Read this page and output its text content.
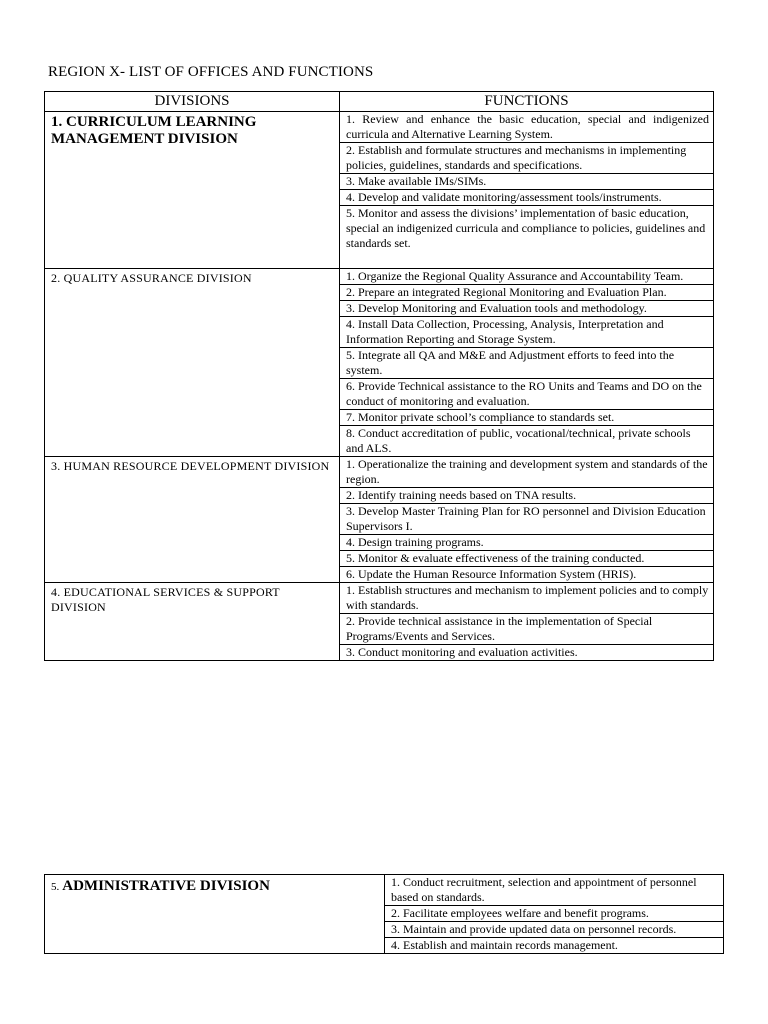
REGION X- LIST OF OFFICES AND FUNCTIONS
DIVISIONS	FUNCTIONS

1. CURRICULUM LEARNING MANAGEMENT DIVISION	1. Review and enhance the basic education, special and indigenized curricula and Alternative Learning System.
	2. Establish and formulate structures and mechanisms in implementing policies, guidelines, standards and specifications.
	3. Make available IMs/SIMs.
	4. Develop and validate monitoring/assessment tools/instruments.
	5. Monitor and assess the divisions’ implementation of basic education, special an indigenized curricula and compliance to policies, guidelines and standards set.

2. QUALITY ASSURANCE DIVISION	1. Organize the Regional Quality Assurance and Accountability Team.
	2. Prepare an integrated Regional Monitoring and Evaluation Plan.
	3. Develop Monitoring and Evaluation tools and methodology.
	4. Install Data Collection, Processing, Analysis, Interpretation and Information Reporting and Storage System.
	5. Integrate all QA and M&E and Adjustment efforts to feed into the system.
	6. Provide Technical assistance to the RO Units and Teams and DO on the conduct of monitoring and evaluation.
	7. Monitor private school’s compliance to standards set.
	8. Conduct accreditation of public, vocational/technical, private schools and ALS.

3. HUMAN RESOURCE DEVELOPMENT DIVISION	1. Operationalize the training and development system and standards of the region.
	2. Identify training needs based on TNA results.
	3. Develop Master Training Plan for RO personnel and Division Education Supervisors I.
	4. Design training programs.
	5. Monitor & evaluate effectiveness of the training conducted.
	6. Update the Human Resource Information System (HRIS).

4. EDUCATIONAL SERVICES & SUPPORT DIVISION	1. Establish structures and mechanism to implement policies and to comply with standards.
	2. Provide technical assistance in the implementation of Special Programs/Events and Services.
	3. Conduct monitoring and evaluation activities.
5. ADMINISTRATIVE DIVISION	1. Conduct recruitment, selection and appointment of personnel based on standards.
2. Facilitate employees welfare and benefit programs.
3. Maintain and provide updated data on personnel records.
4. Establish and maintain records management.
